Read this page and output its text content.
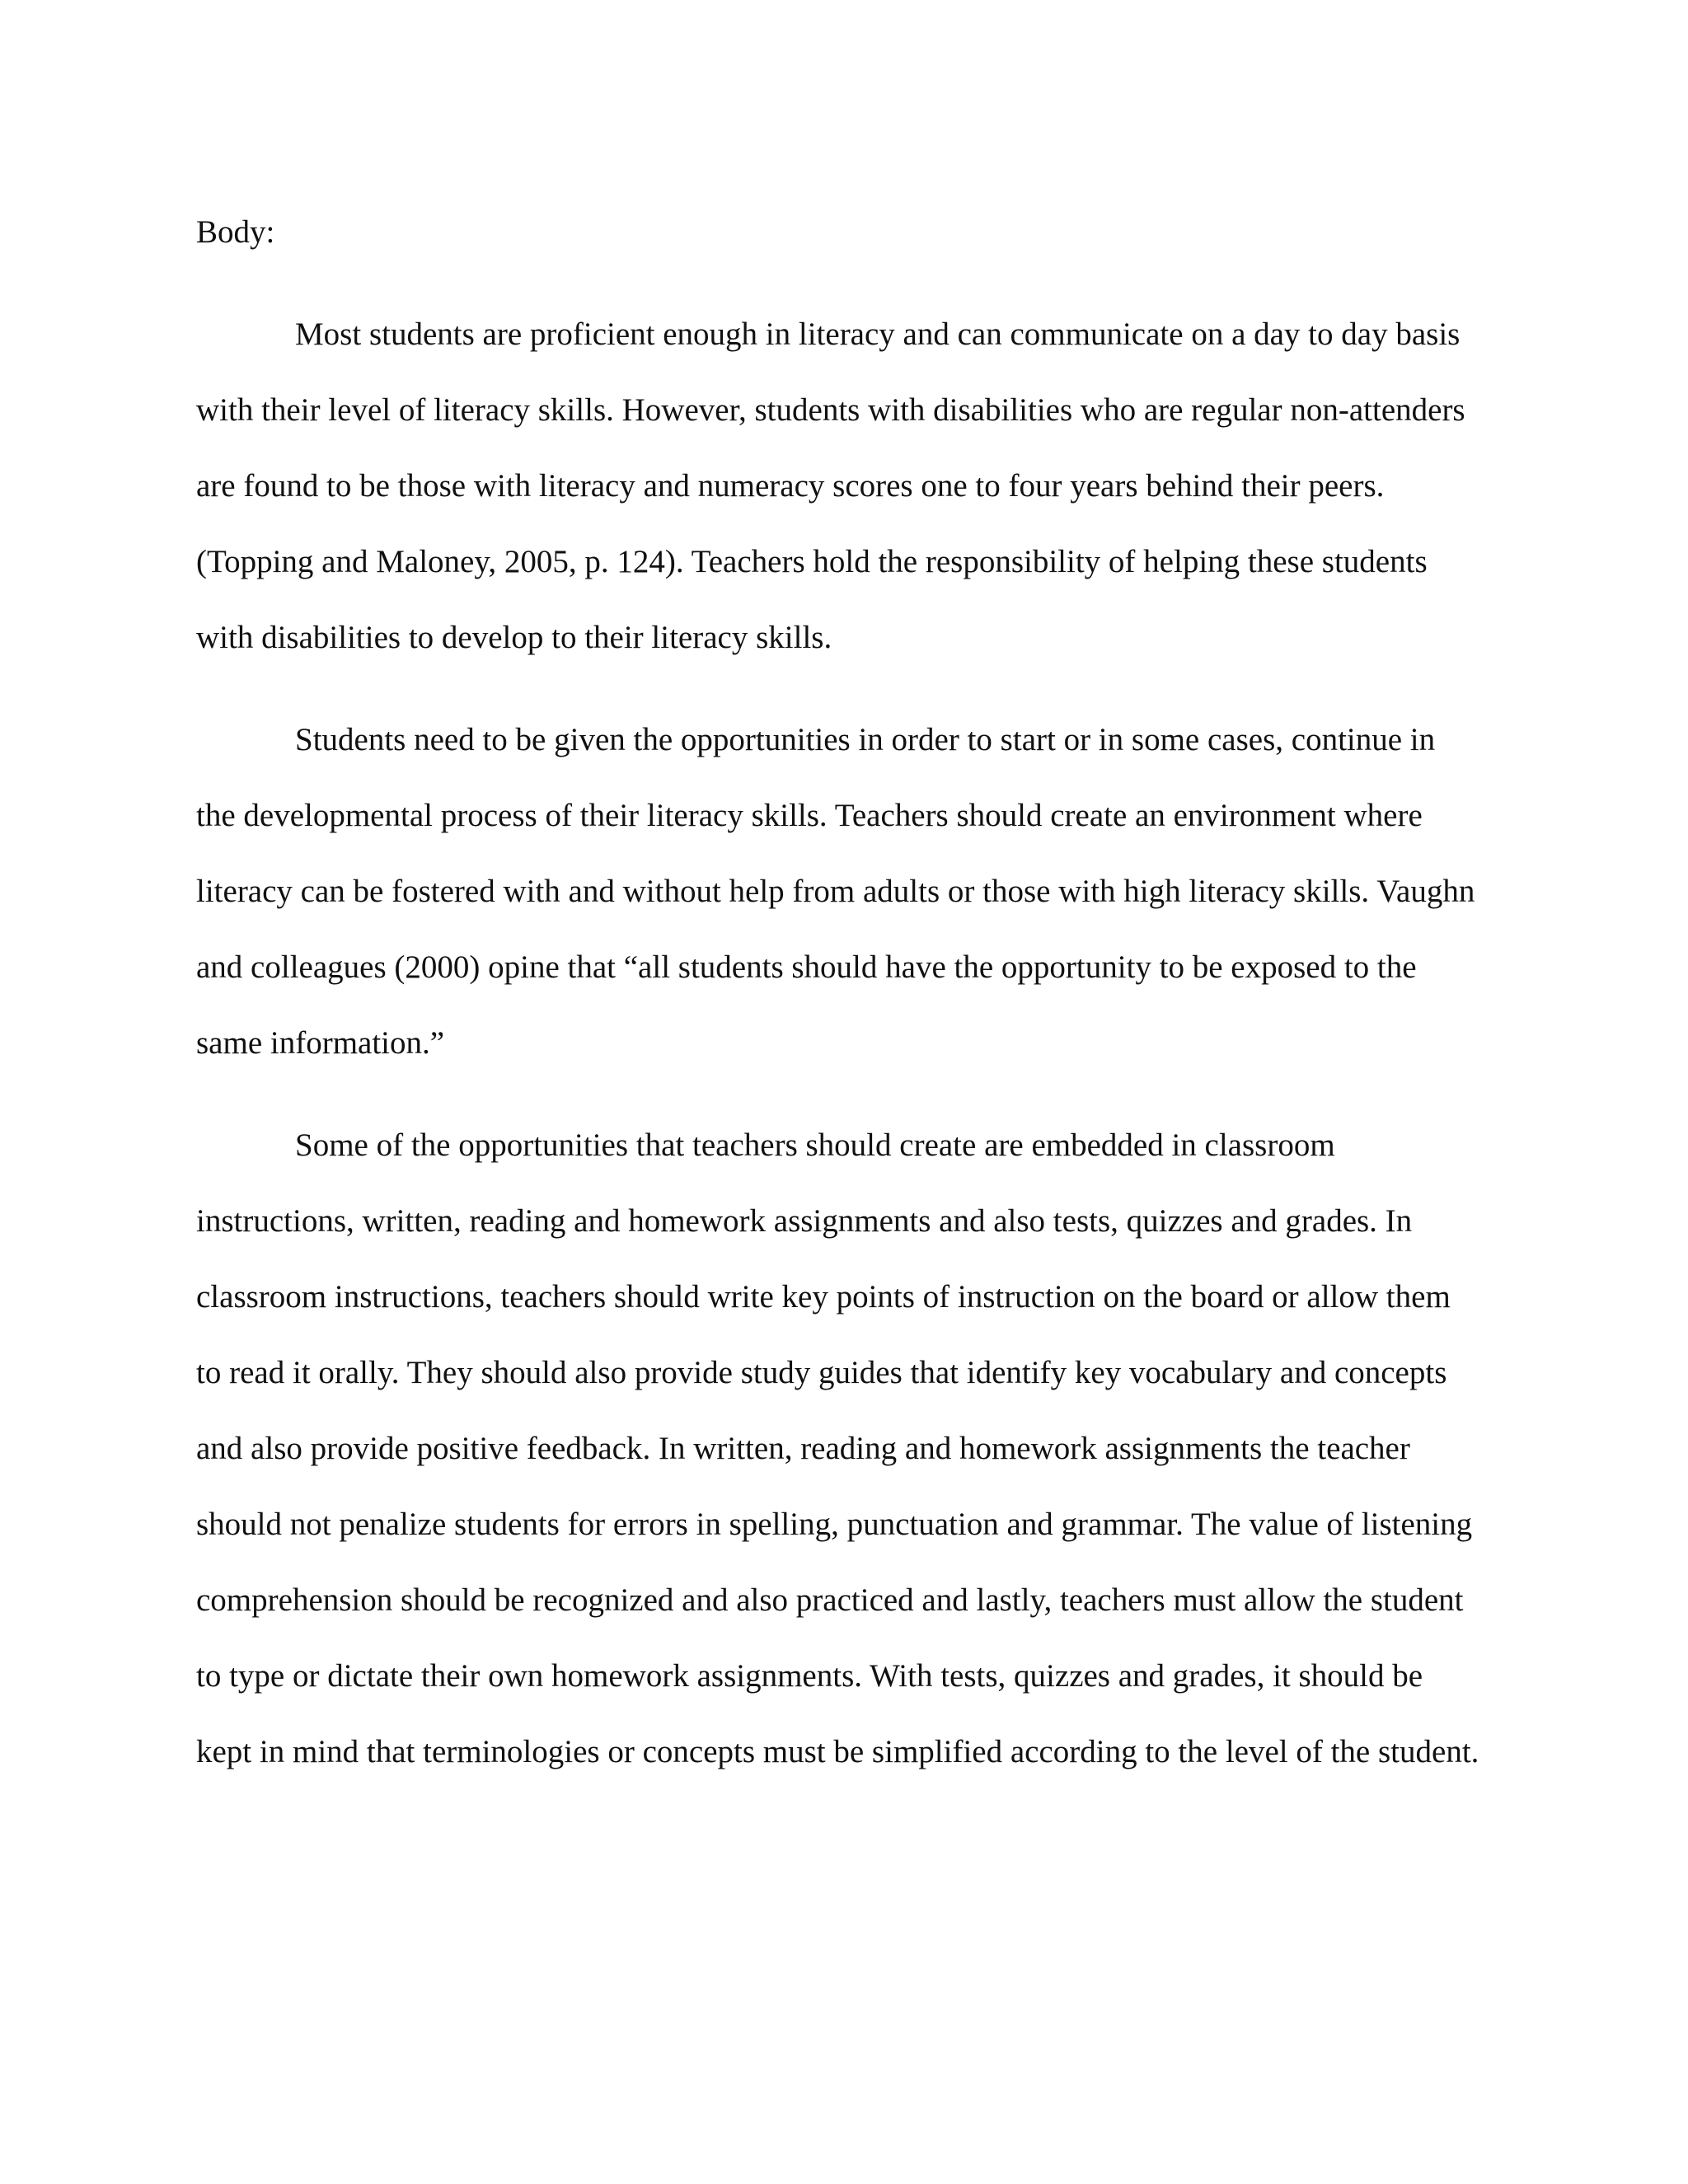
Body:

Most students are proficient enough in literacy and can communicate on a day to day basis with their level of literacy skills. However, students with disabilities who are regular non-attenders are found to be those with literacy and numeracy scores one to four years behind their peers. (Topping and Maloney, 2005, p. 124). Teachers hold the responsibility of helping these students with disabilities to develop to their literacy skills.

Students need to be given the opportunities in order to start or in some cases, continue in the developmental process of their literacy skills. Teachers should create an environment where literacy can be fostered with and without help from adults or those with high literacy skills. Vaughn and colleagues (2000) opine that “all students should have the opportunity to be exposed to the same information.”

Some of the opportunities that teachers should create are embedded in classroom instructions, written, reading and homework assignments and also tests, quizzes and grades. In classroom instructions, teachers should write key points of instruction on the board or allow them to read it orally. They should also provide study guides that identify key vocabulary and concepts and also provide positive feedback. In written, reading and homework assignments the teacher should not penalize students for errors in spelling, punctuation and grammar. The value of listening comprehension should be recognized and also practiced and lastly, teachers must allow the student to type or dictate their own homework assignments. With tests, quizzes and grades, it should be kept in mind that terminologies or concepts must be simplified according to the level of the student.
